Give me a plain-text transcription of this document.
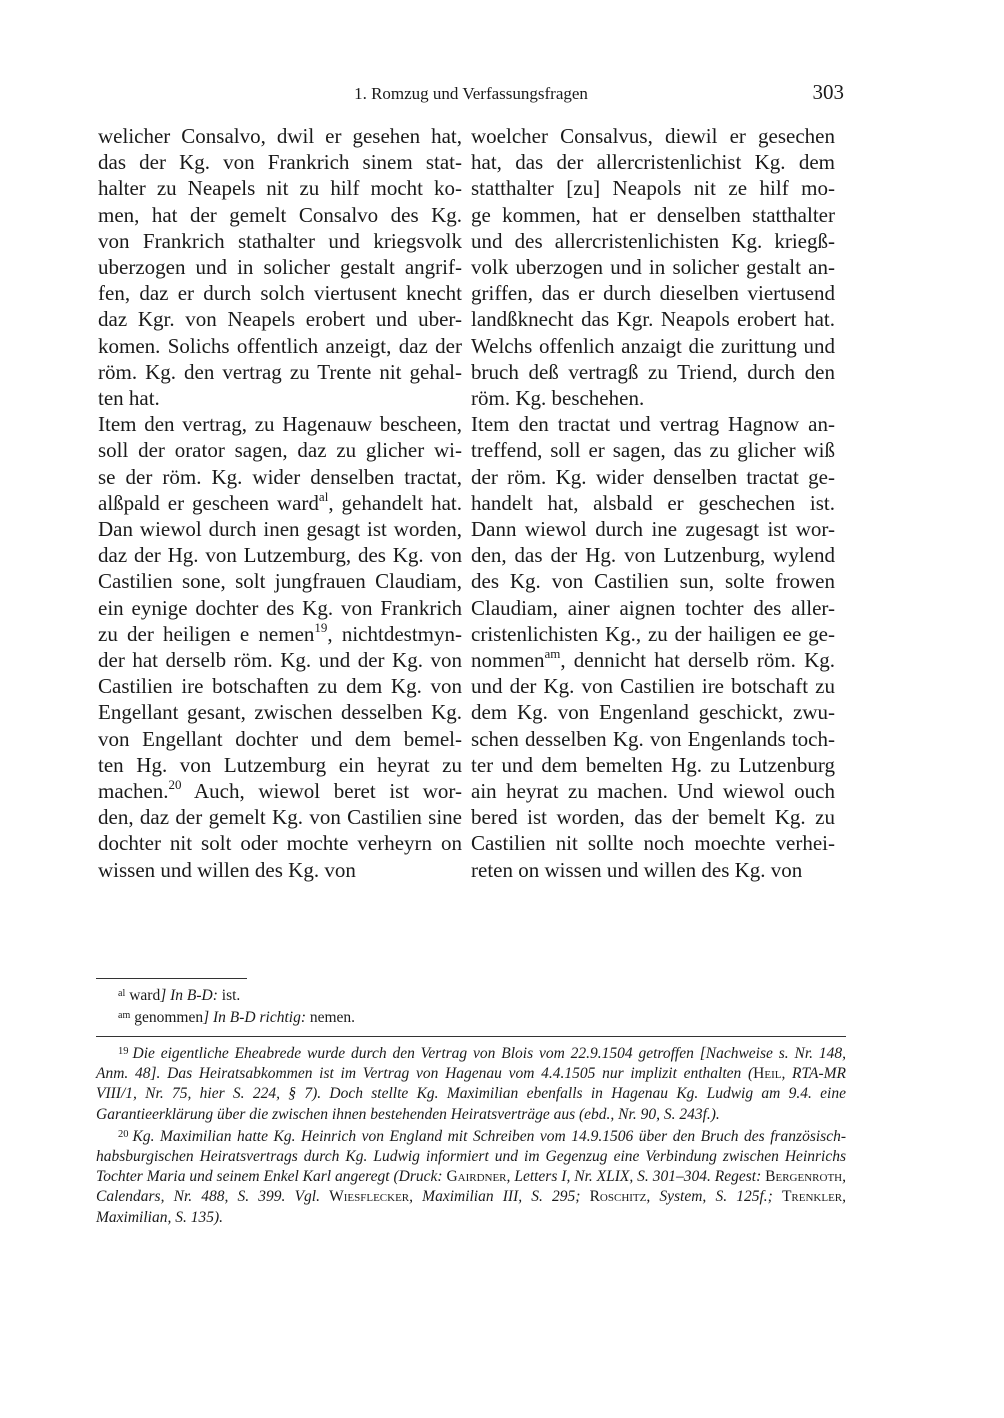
1. Romzug und Verfassungsfragen	303

welicher Consalvo, dwil er gesehen hat,

das der Kg. von Frankrich sinem stat-

halter zu Neapels nit zu hilf mocht ko-

men, hat der gemelt Consalvo des Kg.

von Frankrich stathalter und kriegsvolk

uberzogen und in solicher gestalt angrif-

fen, daz er durch solch viertusent knecht

daz Kgr. von Neapels erobert und uber-

komen. Solichs offentlich anzeigt, daz der

röm. Kg. den vertrag zu Trente nit gehal-

ten hat.

Item den vertrag, zu Hagenauw bescheen,

soll der orator sagen, daz zu glicher wi-

se der röm. Kg. wider denselben tractat,

alßpald er gescheen ward$^{al}$, gehandelt hat.

Dan wiewol durch inen gesagt ist worden,

daz der Hg. von Lutzemburg, des Kg. von

Castilien sone, solt jungfrauen Claudiam,

ein eynige dochter des Kg. von Frankrich

zu der heiligen e nemen$^{19}$, nichtdestmyn-

der hat derselb röm. Kg. und der Kg. von

Castilien ire botschaften zu dem Kg. von

Engellant gesant, zwischen desselben Kg.

von Engellant dochter und dem bemel-

ten Hg. von Lutzemburg ein heyrat zu

machen.$^{20}$ Auch, wiewol beret ist wor-

den, daz der gemelt Kg. von Castilien sine

dochter nit solt oder mochte verheyrn on

wissen und willen des Kg. von

woelcher Consalvus, diewil er gesechen

hat, das der allercristenlichist Kg. dem

statthalter [zu] Neapols nit ze hilf mo-

ge kommen, hat er denselben statthalter

und des allercristenlichisten Kg. kriegß-

volk uberzogen und in solicher gestalt an-

griffen, das er durch dieselben viertusend

landßknecht das Kgr. Neapols erobert hat.

Welchs offenlich anzaigt die zurittung und

bruch deß vertragß zu Triend, durch den

röm. Kg. beschehen.

Item den tractat und vertrag Hagnow an-

treffend, soll er sagen, das zu glicher wiß

der röm. Kg. wider denselben tractat ge-

handelt hat, alsbald er geschechen ist.

Dann wiewol durch ine zugesagt ist wor-

den, das der Hg. von Lutzenburg, wylend

des Kg. von Castilien sun, solte frowen

Claudiam, ainer aignen tochter des aller-

cristenlichisten Kg., zu der hailigen ee ge-

nommen$^{am}$, dennicht hat derselb röm. Kg.

und der Kg. von Castilien ire botschaft zu

dem Kg. von Engenland geschickt, zwu-

schen desselben Kg. von Engenlands toch-

ter und dem bemelten Hg. zu Lutzenburg

ain heyrat zu machen. Und wiewol ouch

bered ist worden, das der bemelt Kg. zu

Castilien nit sollte noch moechte verhei-

reten on wissen und willen des Kg. von

$^{al}$ ward] In B-D: ist.
$^{am}$ genommen] In B-D richtig: nemen.

$^{19}$ Die eigentliche Eheabrede wurde durch den Vertrag von Blois vom 22.9.1504 getroffen [Nachweise s. Nr. 148, Anm. 48]. Das Heiratsabkommen ist im Vertrag von Hagenau vom 4.4.1505 nur implizit enthalten (Heil, RTA-MR VIII/1, Nr. 75, hier S. 224, § 7). Doch stellte Kg. Maximilian ebenfalls in Hagenau Kg. Ludwig am 9.4. eine Garantieerklärung über die zwischen ihnen bestehenden Heiratsverträge aus (ebd., Nr. 90, S. 243f.).

$^{20}$ Kg. Maximilian hatte Kg. Heinrich von England mit Schreiben vom 14.9.1506 über den Bruch des französisch-habsburgischen Heiratsvertrags durch Kg. Ludwig informiert und im Gegenzug eine Verbindung zwischen Heinrichs Tochter Maria und seinem Enkel Karl angeregt (Druck: Gairdner, Letters I, Nr. XLIX, S. 301–304. Regest: Bergenroth, Calendars, Nr. 488, S. 399. Vgl. Wiesflecker, Maximilian III, S. 295; Roschitz, System, S. 125f.; Trenkler, Maximilian, S. 135).
